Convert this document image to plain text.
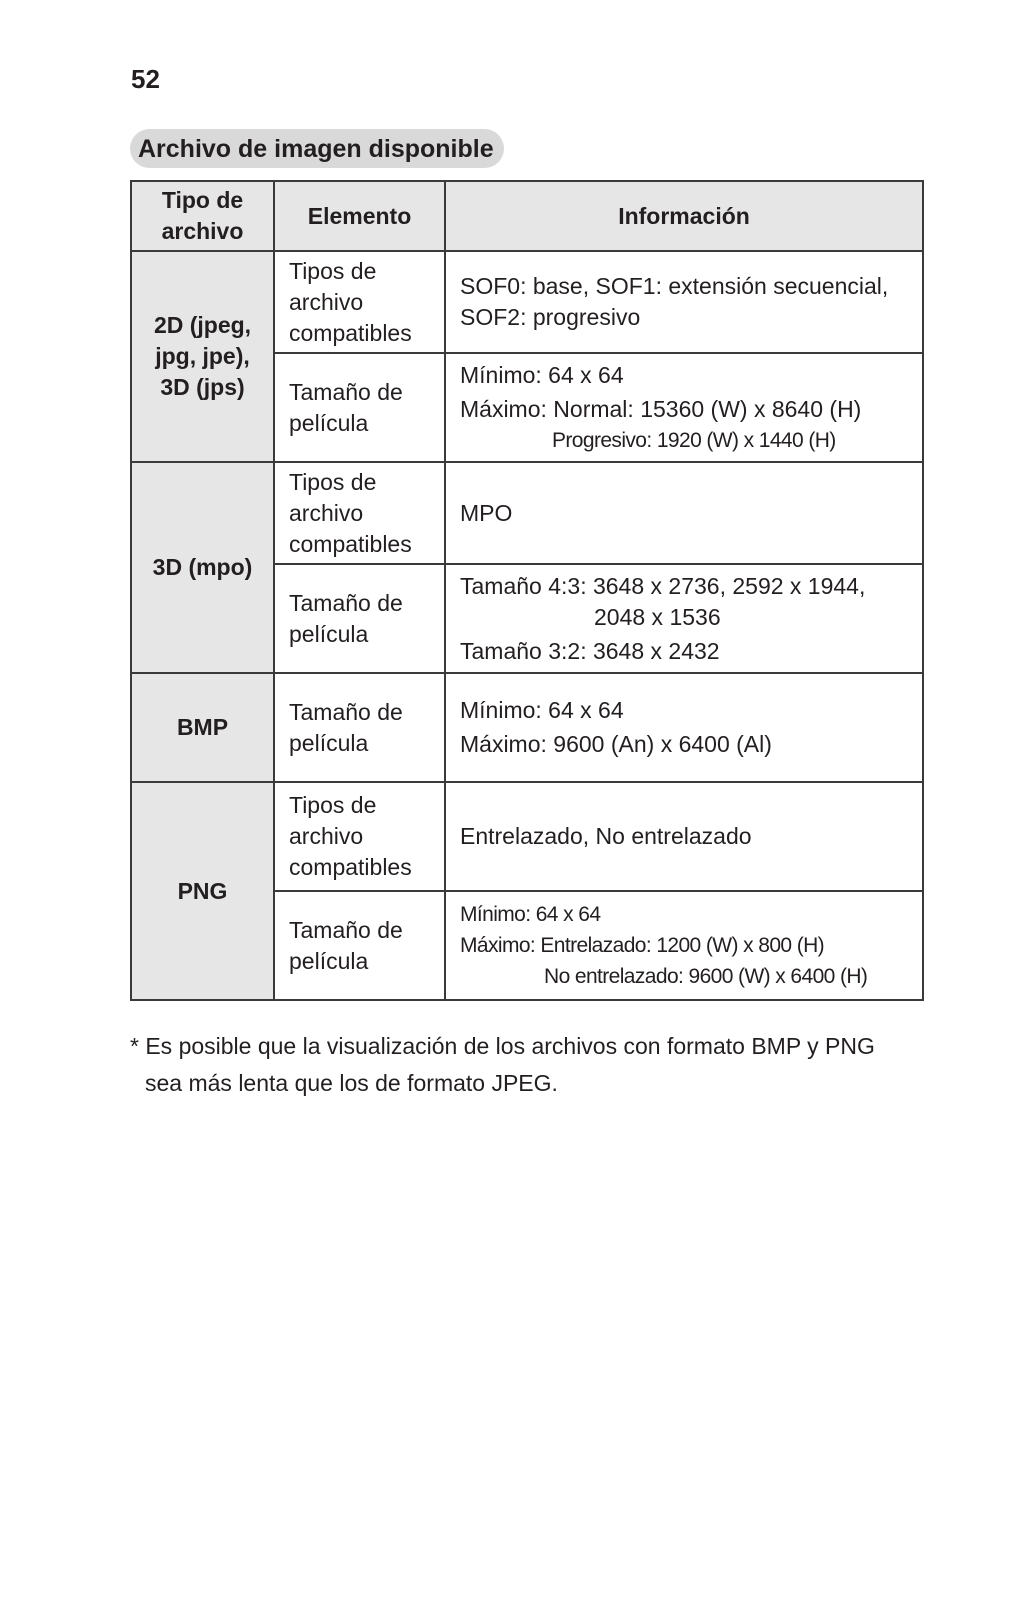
52
Archivo de imagen disponible
Tipo de
archivo	Elemento	Información

2D (jpeg,
jpg, jpe),
3D (jps)	Tipos de
archivo
compatibles	SOF0: base, SOF1: extensión secuencial,
SOF2: progresivo

	Tamaño de
película	Mínimo: 64 x 64
Máximo: Normal: 15360 (W) x 8640 (H)
Progresivo: 1920 (W) x 1440 (H)

3D (mpo)	Tipos de
archivo
compatibles	MPO

	Tamaño de
película	Tamaño 4:3: 3648 x 2736, 2592 x 1944,
2048 x 1536
Tamaño 3:2: 3648 x 2432

BMP	Tamaño de
película	Mínimo: 64 x 64
Máximo: 9600 (An) x 6400 (Al)

PNG	Tipos de
archivo
compatibles	Entrelazado, No entrelazado

	Tamaño de
película	Mínimo: 64 x 64
Máximo: Entrelazado: 1200 (W) x 800 (H)
No entrelazado: 9600 (W) x 6400 (H)
* Es posible que la visualización de los archivos con formato BMP y PNG
sea más lenta que los de formato JPEG.
